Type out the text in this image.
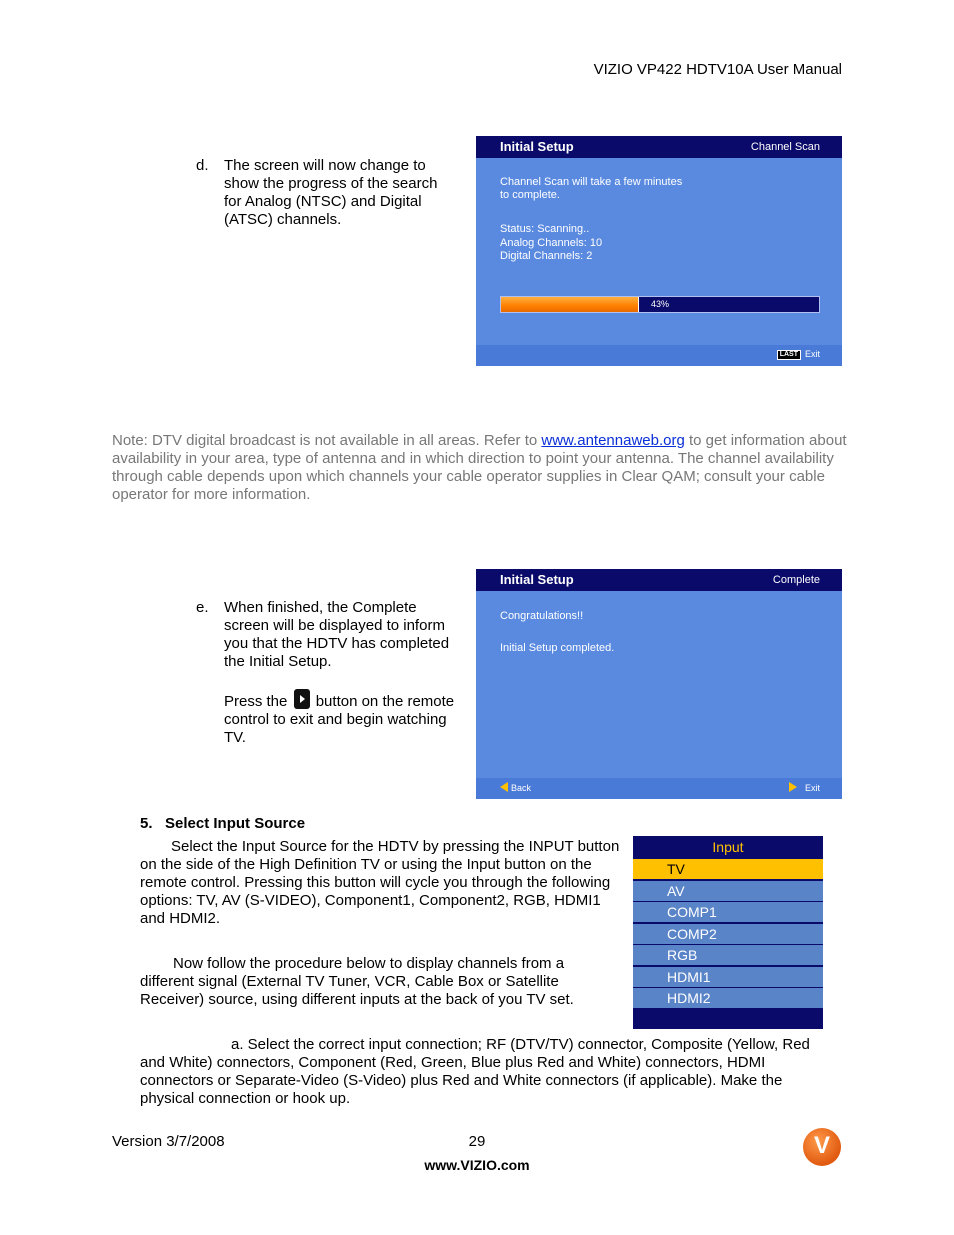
VIZIO VP422 HDTV10A User Manual
d. The screen will now change to show the progress of the search for Analog (NTSC) and Digital (ATSC) channels.
Initial Setup	Channel Scan
Channel Scan will take a few minutes
to complete.
Status: Scanning..
Analog Channels: 10
Digital Channels: 2
43%
LAST Exit
Note: DTV digital broadcast is not available in all areas. Refer to www.antennaweb.org to get information about availability in your area, type of antenna and in which direction to point your antenna. The channel availability through cable depends upon which channels your cable operator supplies in Clear QAM; consult your cable operator for more information.
e. When finished, the Complete screen will be displayed to inform you that the HDTV has completed the Initial Setup.
Press the button on the remote control to exit and begin watching TV.
Initial Setup	Complete
Congratulations!!
Initial Setup completed.
Back	Exit
5.   Select Input Source
Select the Input Source for the HDTV by pressing the INPUT button on the side of the High Definition TV or using the Input button on the remote control. Pressing this button will cycle you through the following options: TV, AV (S-VIDEO), Component1, Component2, RGB, HDMI1 and HDMI2.
Now follow the procedure below to display channels from a different signal (External TV Tuner, VCR, Cable Box or Satellite Receiver) source, using different inputs at the back of you TV set.
Input
TV
AV
COMP1
COMP2
RGB
HDMI1
HDMI2
a. Select the correct input connection; RF (DTV/TV) connector, Composite (Yellow, Red and White) connectors, Component (Red, Green, Blue plus Red and White) connectors, HDMI connectors or Separate-Video (S-Video) plus Red and White connectors (if applicable). Make the physical connection or hook up.
Version 3/7/2008	29
www.VIZIO.com
V
